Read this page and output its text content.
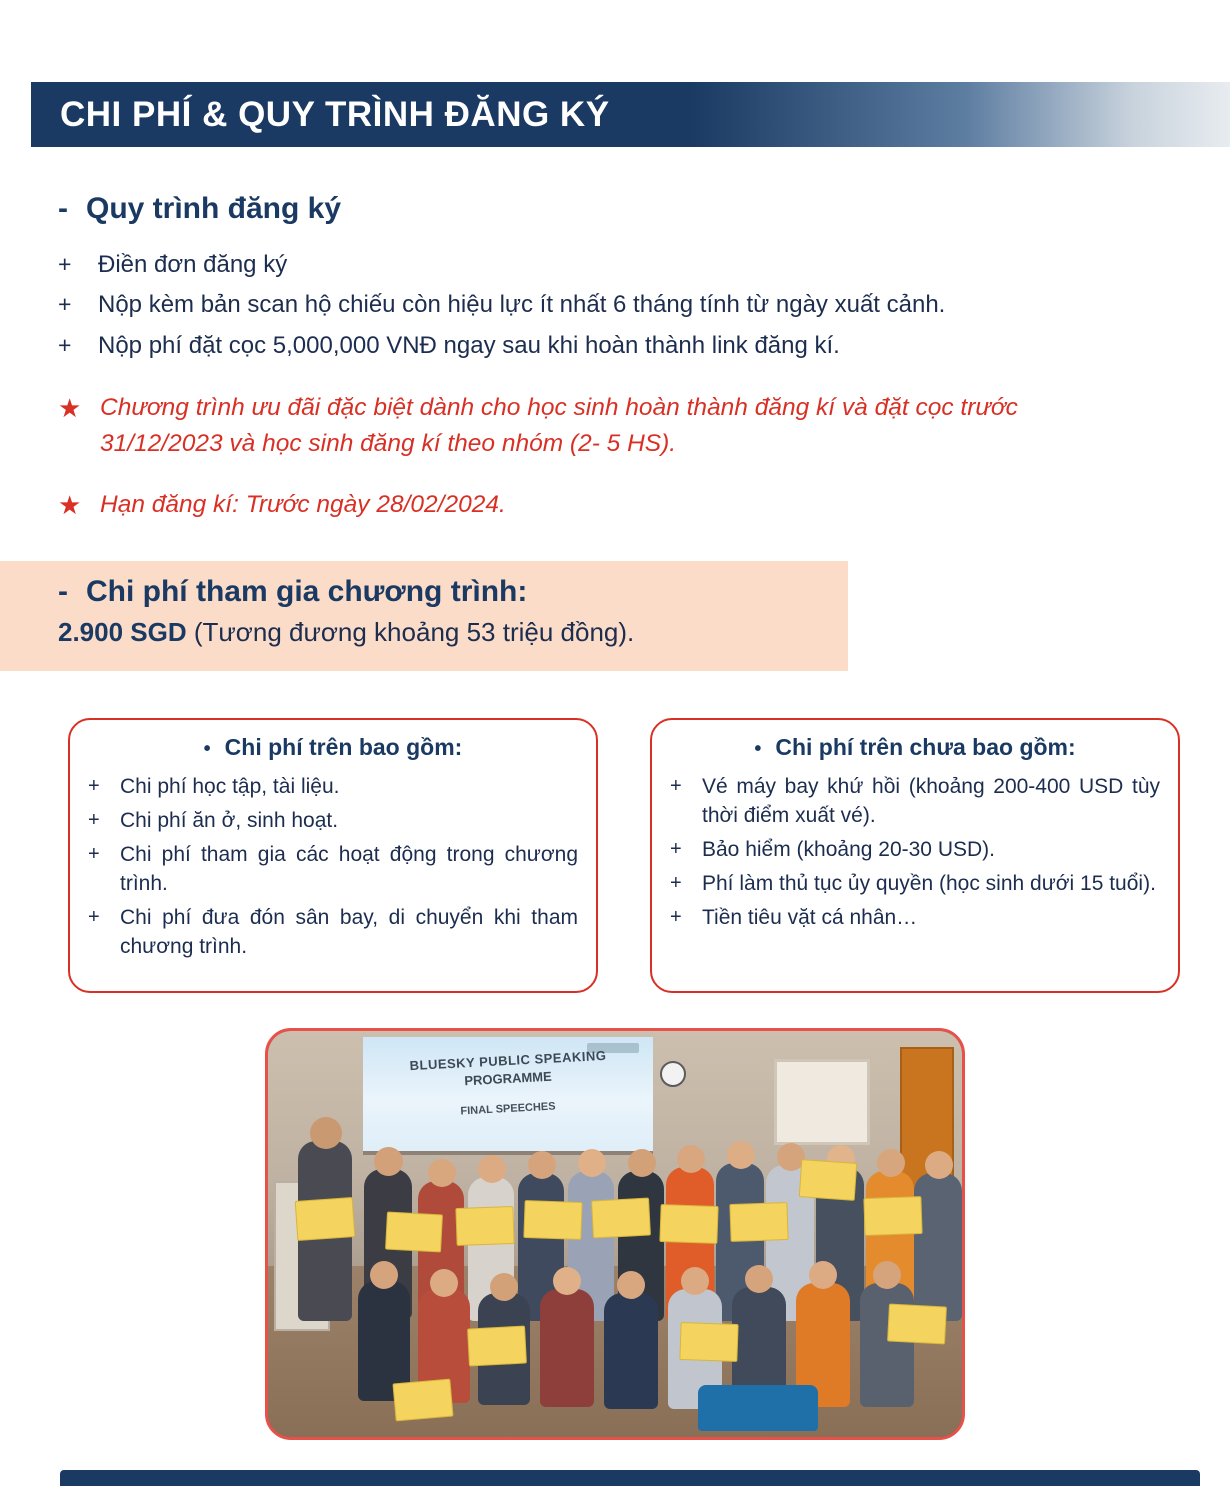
CHI PHÍ & QUY TRÌNH ĐĂNG KÝ
- Quy trình đăng ký
+	Điền đơn đăng ký
+	Nộp kèm bản scan hộ chiếu còn hiệu lực ít nhất 6 tháng tính từ ngày xuất cảnh.
+	Nộp phí đặt cọc 5,000,000 VNĐ ngay sau khi hoàn thành link đăng kí.
★ Chương trình ưu đãi đặc biệt dành cho học sinh hoàn thành đăng kí và đặt cọc trước 31/12/2023 và học sinh đăng kí theo nhóm (2- 5 HS).
★ Hạn đăng kí: Trước ngày 28/02/2024.
- Chi phí tham gia chương trình:
2.900 SGD (Tương đương khoảng 53 triệu đồng).
• Chi phí trên bao gồm:
+ Chi phí học tập, tài liệu.
+ Chi phí ăn ở, sinh hoạt.
+ Chi phí tham gia các hoạt động trong chương trình.
+ Chi phí đưa đón sân bay, di chuyển khi tham chương trình.
• Chi phí trên chưa bao gồm:
+ Vé máy bay khứ hồi (khoảng 200-400 USD tùy thời điểm xuất vé).
+ Bảo hiểm (khoảng 20-30 USD).
+ Phí làm thủ tục ủy quyền (học sinh dưới 15 tuổi).
+ Tiền tiêu vặt cá nhân…
BLUESKY PUBLIC SPEAKING
PROGRAMME
FINAL SPEECHES
